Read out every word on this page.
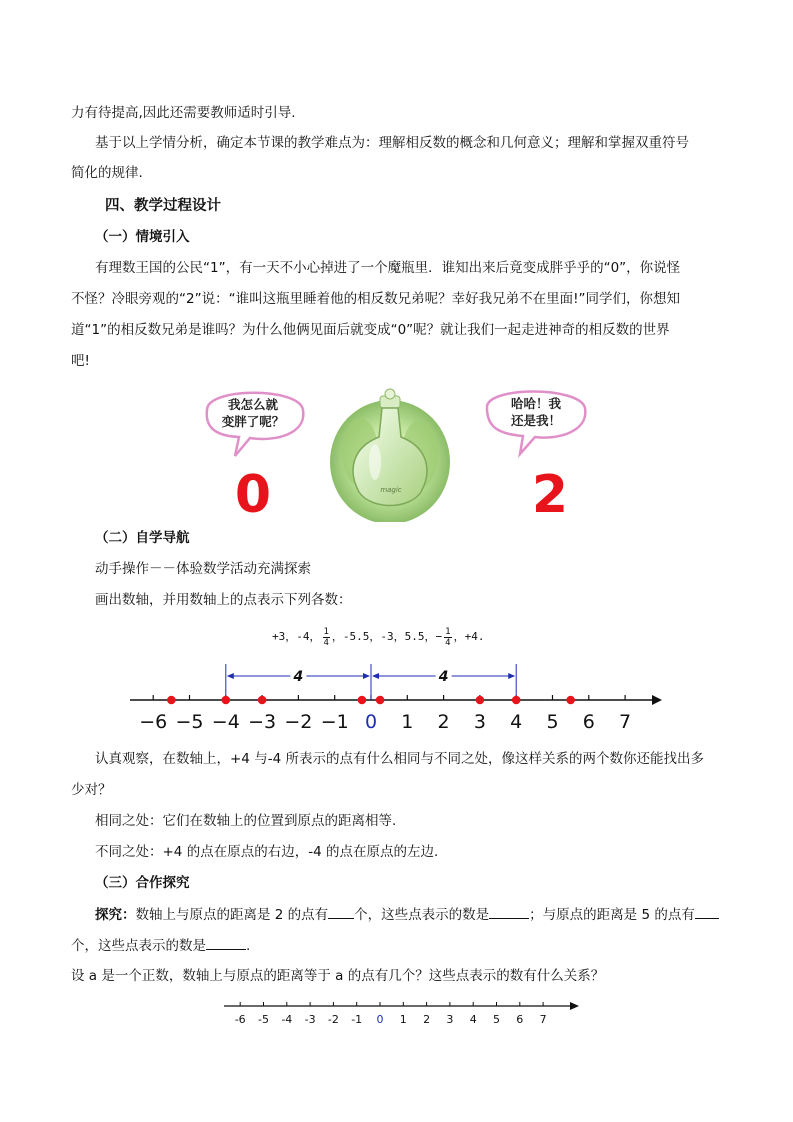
力有待提高,因此还需要教师适时引导.
基于以上学情分析，确定本节课的教学难点为：理解相反数的概念和几何意义；理解和掌握双重符号
简化的规律.
四、教学过程设计
（一）情境引入
有理数王国的公民“1”，有一天不小心掉进了一个魔瓶里．谁知出来后竟变成胖乎乎的“0”，你说怪
不怪？冷眼旁观的“2”说：“谁叫这瓶里睡着他的相反数兄弟呢？幸好我兄弟不在里面!”同学们，你想知
道“1”的相反数兄弟是谁吗？为什么他俩见面后就变成“0”呢？就让我们一起走进神奇的相反数的世界
吧!
我怎么就
变胖了呢？
哈哈！我
还是我！
magic
0	2
（二）自学导航
动手操作－－体验数学活动充满探索
画出数轴，并用数轴上的点表示下列各数：
+3，-4， $\frac{1}{4}$ ，-5.5，-3，5.5，− $\frac{1}{4}$ ，+4.
−6 −5 −4 −3 −2 −1 0 1 2 3 4 5 6 7
4	4
认真观察，在数轴上，+4 与-4 所表示的点有什么相同与不同之处，像这样关系的两个数你还能找出多
少对？
相同之处：它们在数轴上的位置到原点的距离相等.
不同之处：+4 的点在原点的右边，-4 的点在原点的左边.
（三）合作探究
探究：数轴上与原点的距离是 2 的点有 个，这些点表示的数是	；与原点的距离是 5 的点有
个，这些点表示的数是	.
设 a 是一个正数，数轴上与原点的距离等于 a 的点有几个？这些点表示的数有什么关系？
-6 -5 -4 -3 -2 -1 0 1 2 3 4 5 6 7
